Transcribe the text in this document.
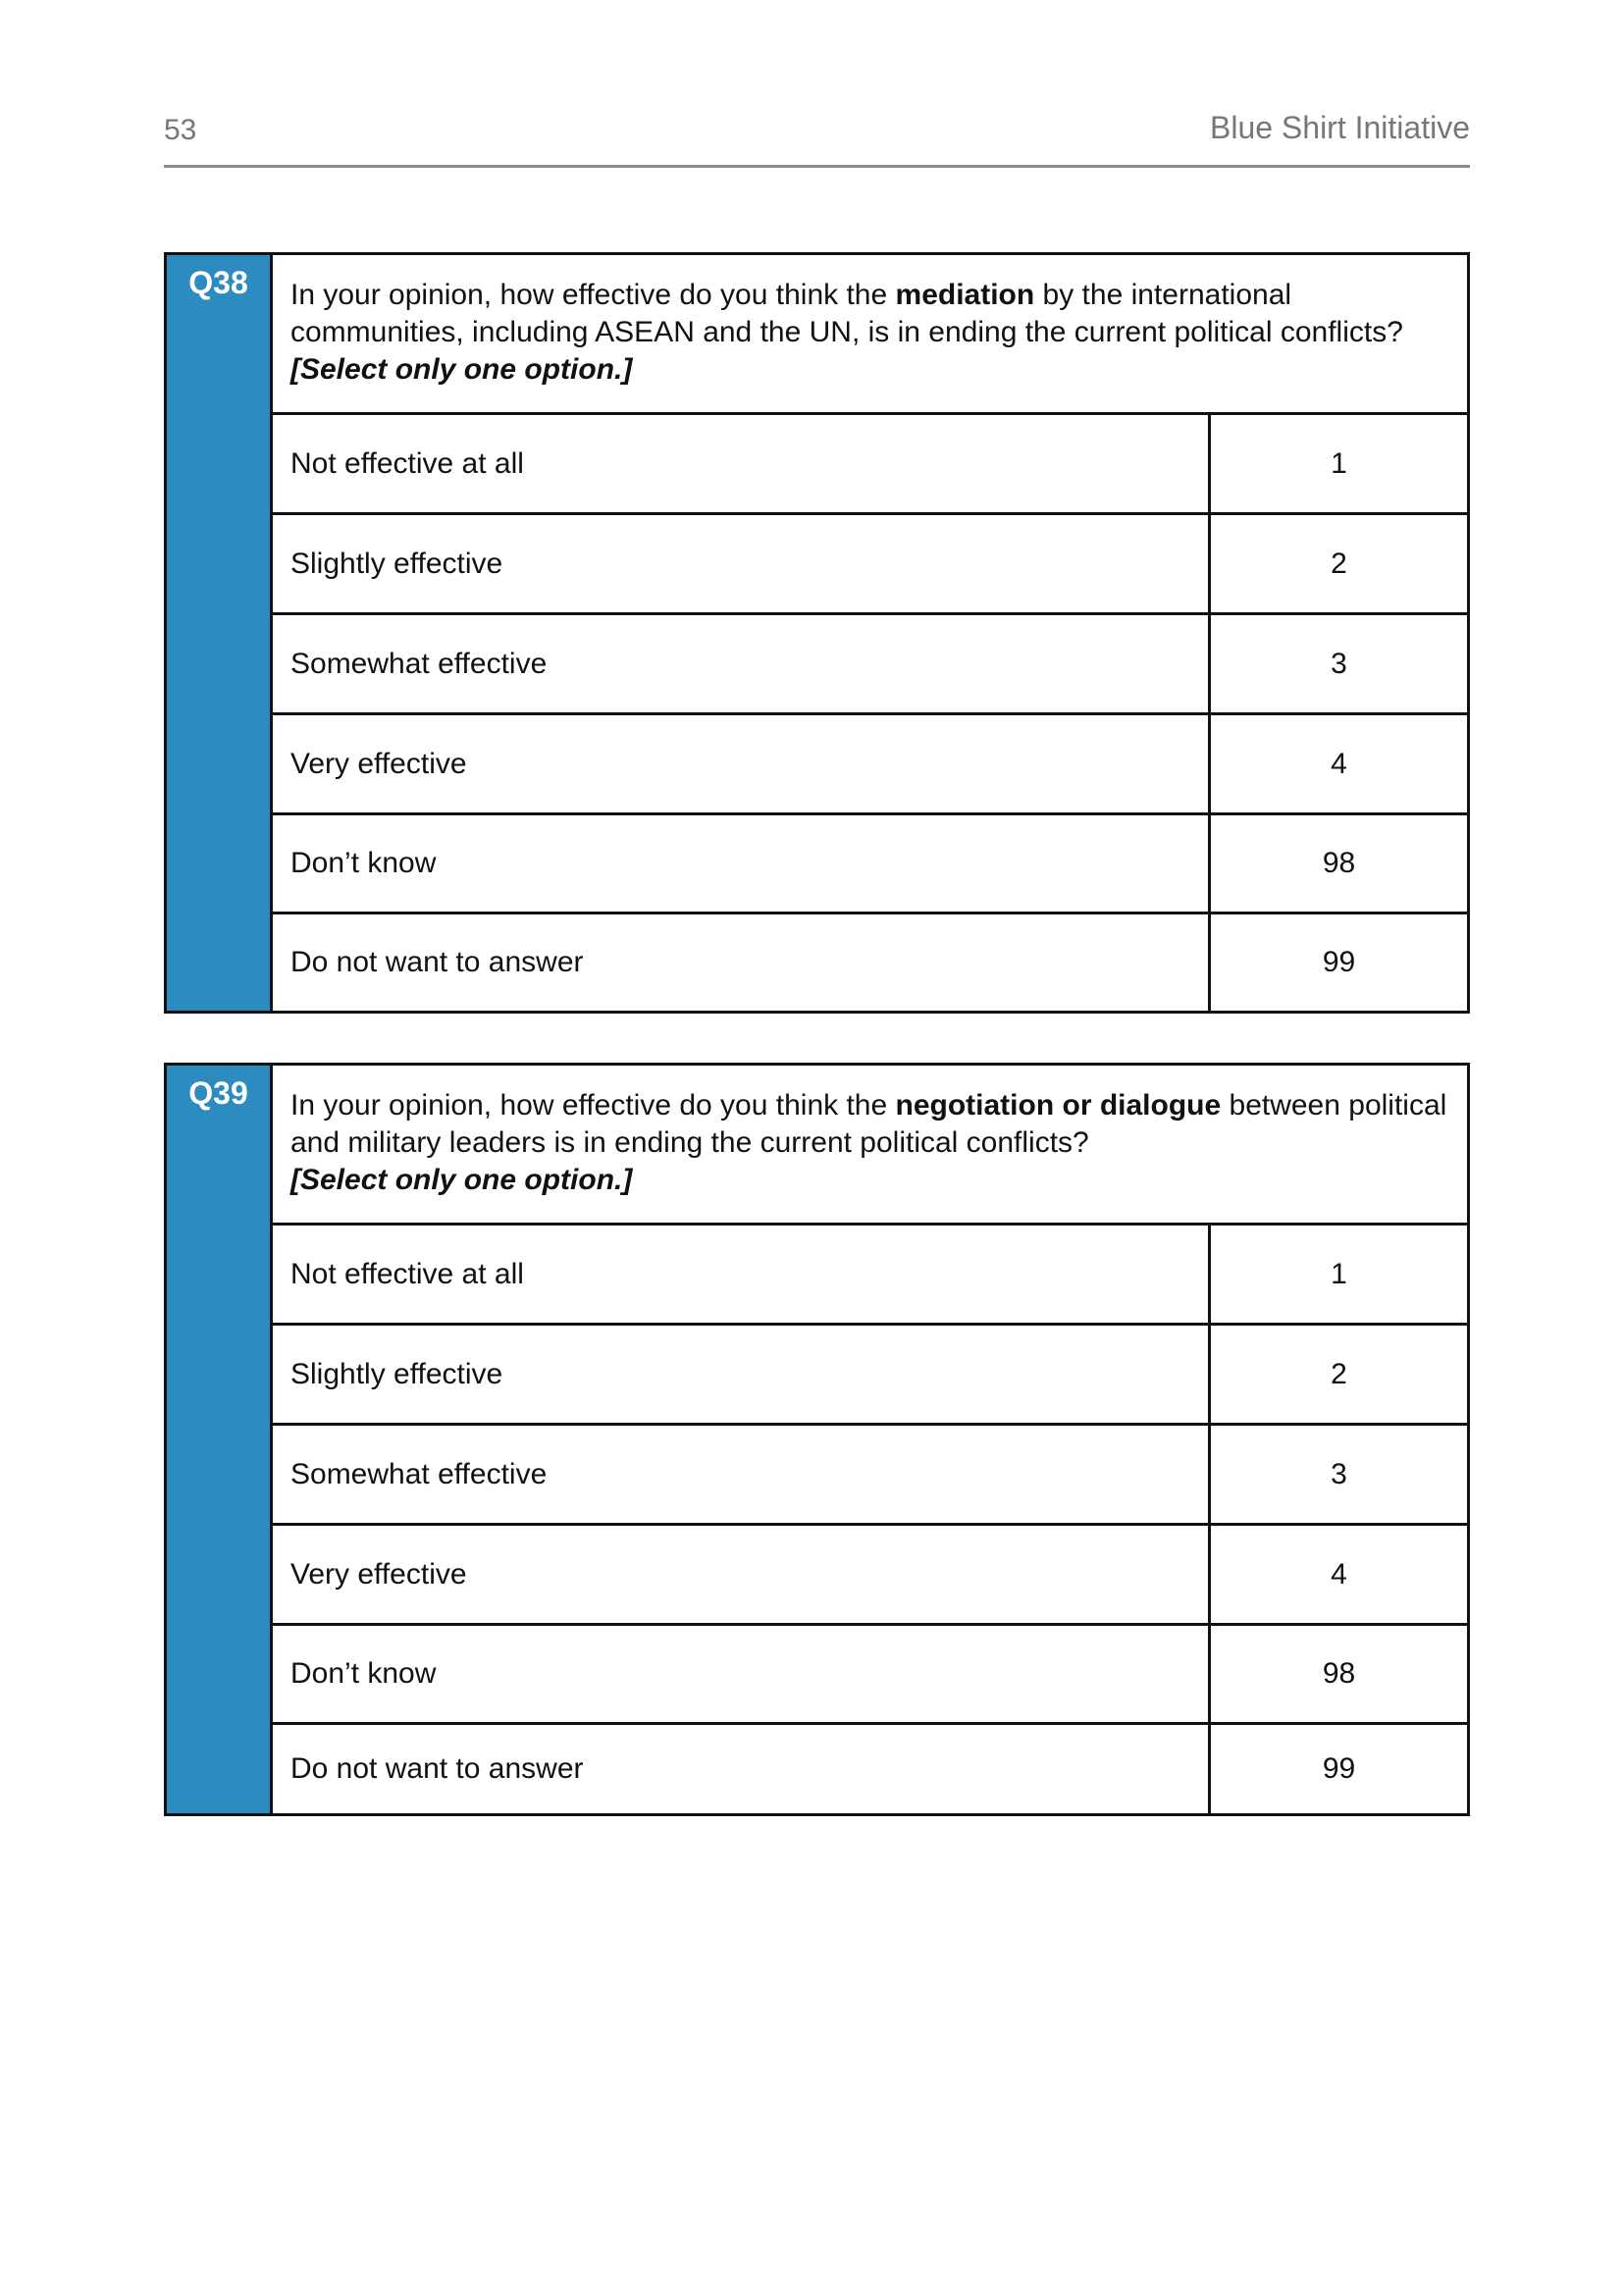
53	Blue Shirt Initiative
Q38	In your opinion, how effective do you think the mediation by the international communities, including ASEAN and the UN, is in ending the current political conflicts?
[Select only one option.]
Not effective at all	1
Slightly effective	2
Somewhat effective	3
Very effective	4
Don’t know	98
Do not want to answer	99
Q39	In your opinion, how effective do you think the negotiation or dialogue between political and military leaders is in ending the current political conflicts?
[Select only one option.]
Not effective at all	1
Slightly effective	2
Somewhat effective	3
Very effective	4
Don’t know	98
Do not want to answer	99
